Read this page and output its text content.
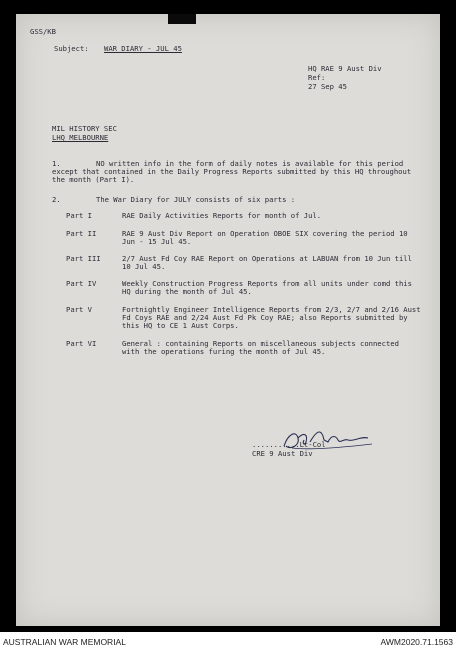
GSS/KB
Subject: WAR DIARY - JUL 45
HQ RAE 9 Aust Div
Ref:
27 Sep 45
MIL HISTORY SEC
LHQ MELBOURNE
1.	NO written info in the form of daily notes is available for this period except that contained in the Daily Progress Reports submitted by this HQ throughout the month (Part I).
2.	The War Diary for JULY consists of six parts :
Part I	RAE Daily Activities Reports for month of Jul.
Part II	RAE 9 Aust Div Report on Operation OBOE SIX covering the period 10 Jun - 15 Jul 45.
Part III	2/7 Aust Fd Coy RAE Report on Operations at LABUAN from 10 Jun till 10 Jul 45.
Part IV	Weekly Construction Progress Reports from all units under comd this HQ during the month of Jul 45.
Part V	Fortnightly Engineer Intelligence Reports from 2/3, 2/7 and 2/16 Aust Fd Coys RAE and 2/24 Aust Fd Pk Coy RAE; also Reports submitted by this HQ to CE 1 Aust Corps.
Part VI	General : containing Reports on miscellaneous subjects connected with the operations furing the month of Jul 45.
...........Lt-Col
CRE 9 Aust Div
AUSTRALIAN WAR MEMORIAL	AWM2020.71.1563
